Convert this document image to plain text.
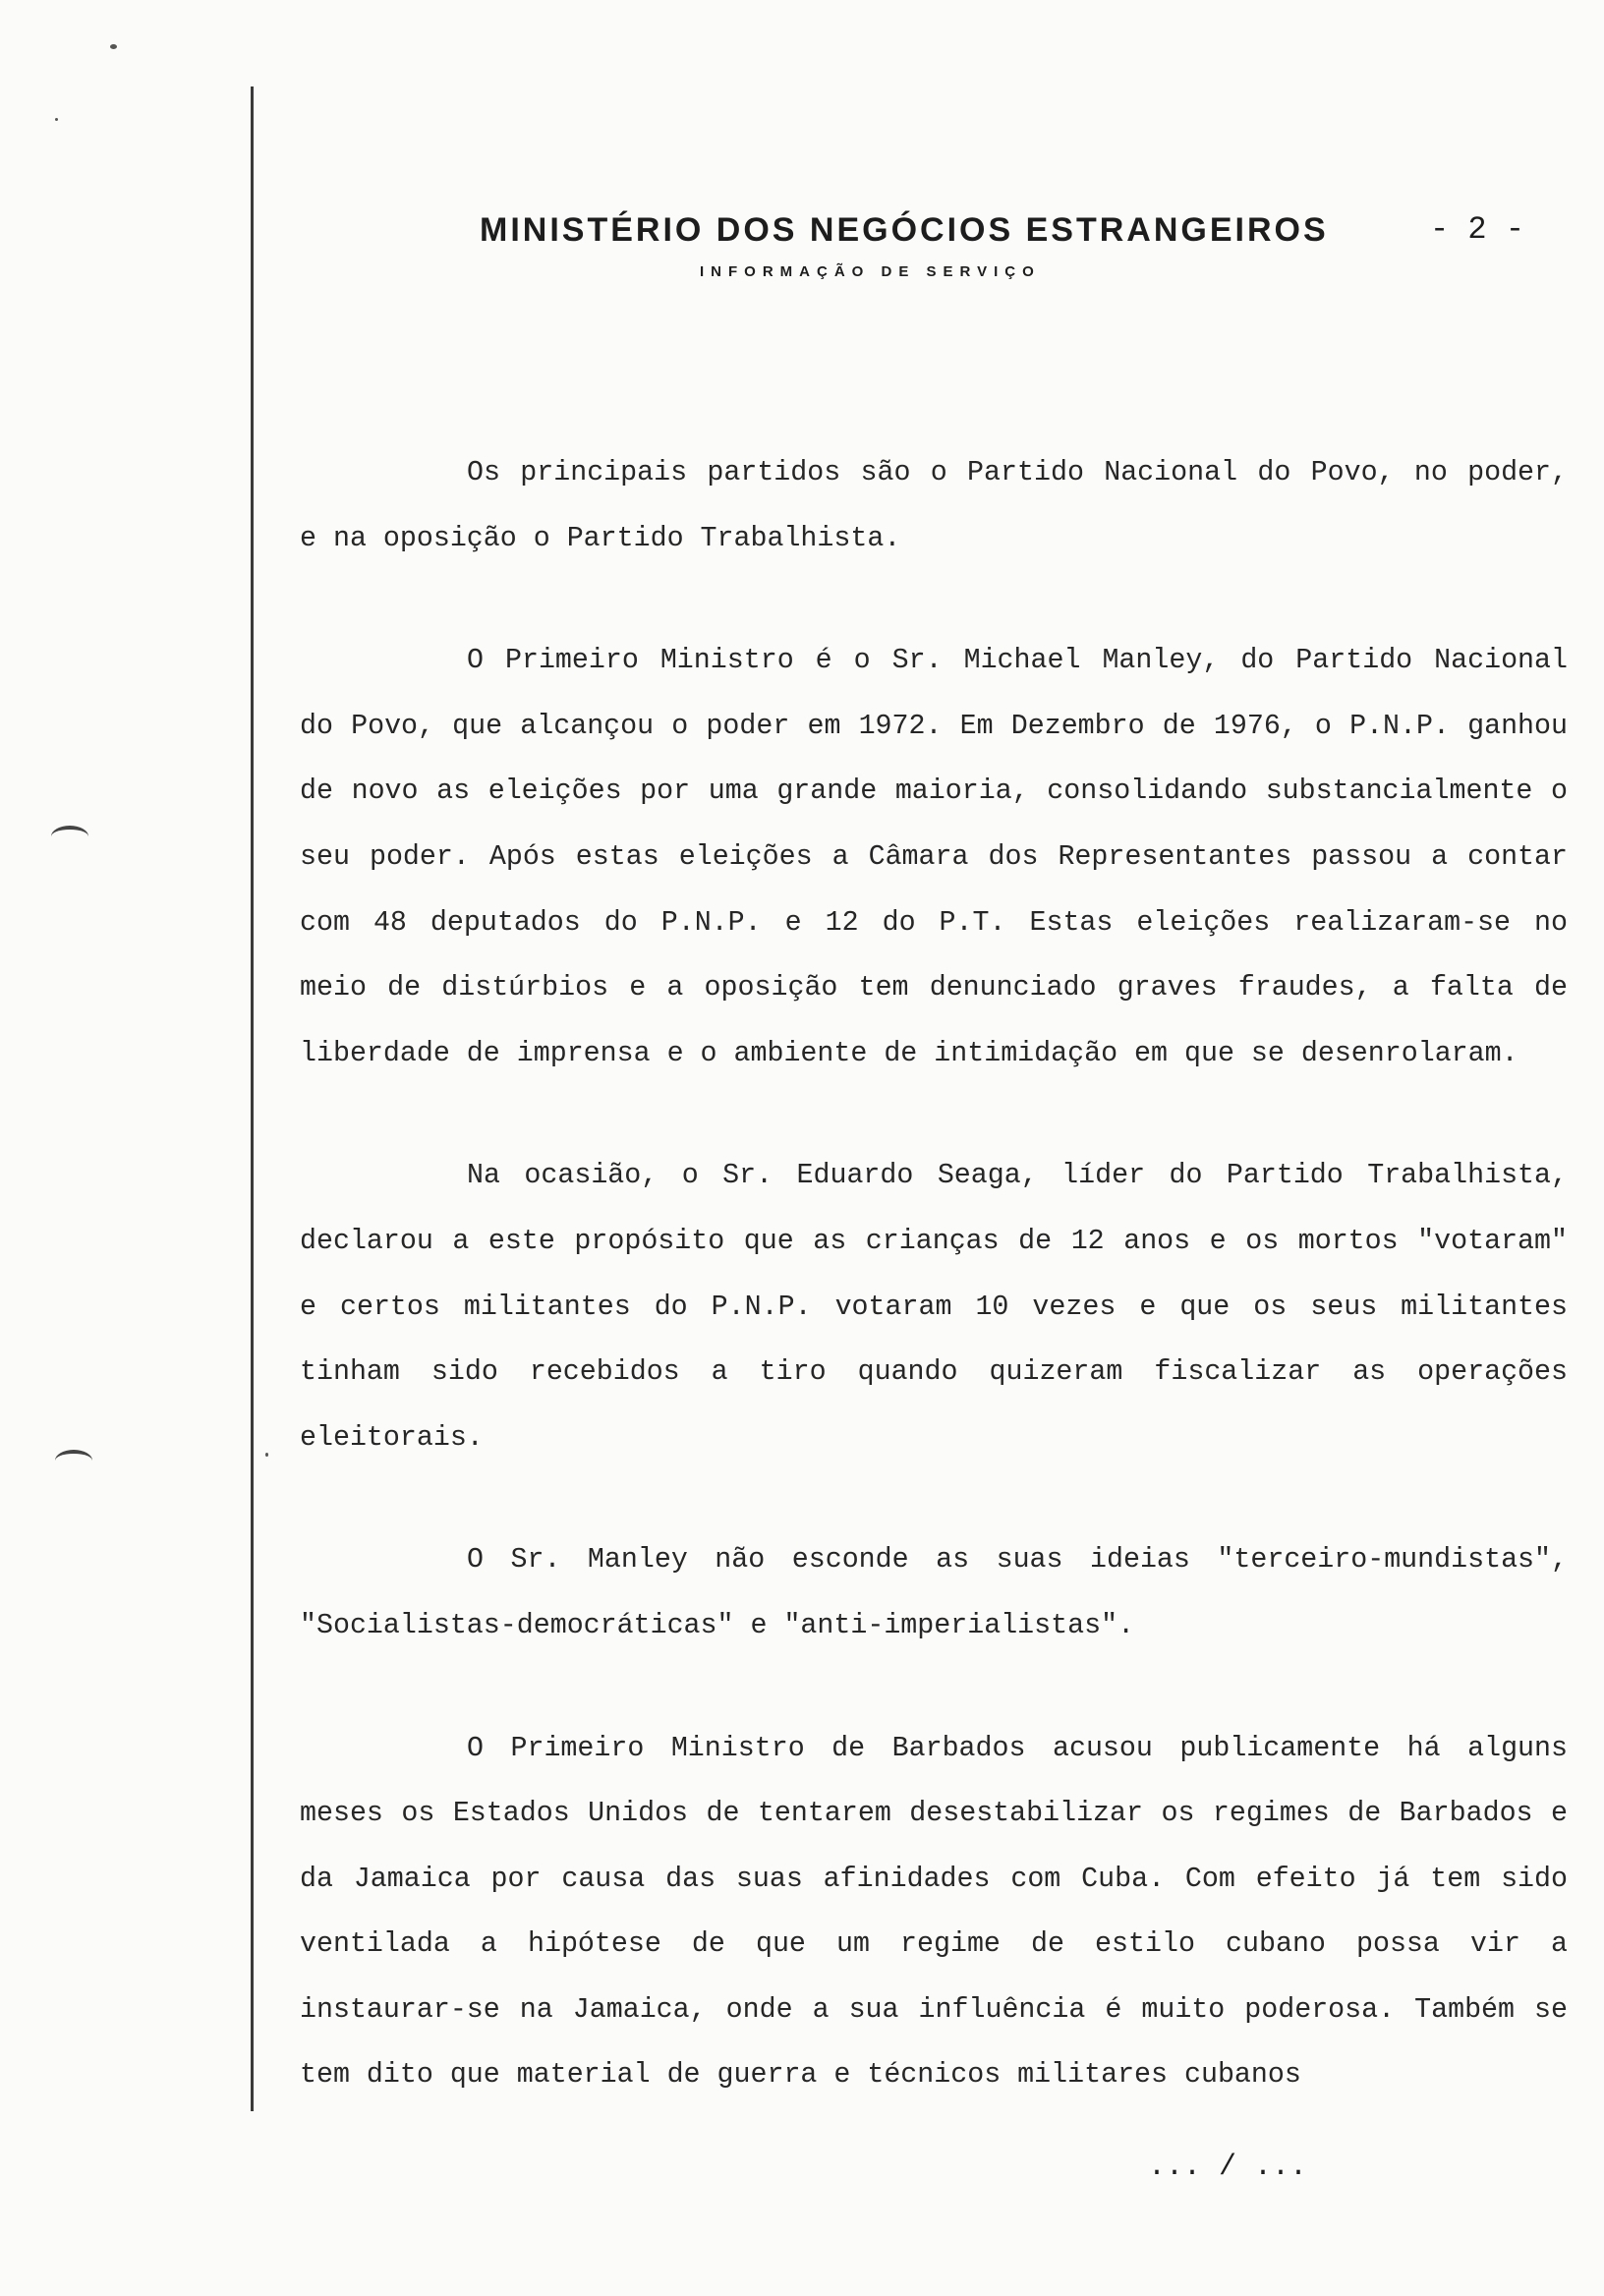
MINISTÉRIO DOS NEGÓCIOS ESTRANGEIROS	- 2 -
INFORMAÇÃO DE SERVIÇO

Os principais partidos são o Partido Nacional do Povo, no poder, e na oposição o Partido Trabalhista.

O Primeiro Ministro é o Sr. Michael Manley, do Partido Nacional do Povo, que alcançou o poder em 1972. Em Dezembro de 1976, o P.N.P. ganhou de novo as eleições por uma grande maioria, consolidando substancialmente o seu poder. Após estas eleições a Câmara dos Representantes passou a contar com 48 deputados do P.N.P. e 12 do P.T. Estas eleições realizaram-se no meio de distúrbios e a oposição tem denunciado graves fraudes, a falta de liberdade de imprensa e o ambiente de intimidação em que se desenrolaram.

Na ocasião, o Sr. Eduardo Seaga, líder do Partido Trabalhista, declarou a este propósito que as crianças de 12 anos e os mortos "votaram" e certos militantes do P.N.P. votaram 10 vezes e que os seus militantes tinham sido recebidos a tiro quando quizeram fiscalizar as operações eleitorais.

O Sr. Manley não esconde as suas ideias "terceiro-mundistas", "Socialistas-democráticas" e "anti-imperialistas".

O Primeiro Ministro de Barbados acusou publicamente há alguns meses os Estados Unidos de tentarem desestabilizar os regimes de Barbados e da Jamaica por causa das suas afinidades com Cuba. Com efeito já tem sido ventilada a hipótese de que um regime de estilo cubano possa vir a instaurar-se na Jamaica, onde a sua influência é muito poderosa. Também se tem dito que material de guerra e técnicos militares cubanos

... / ...
